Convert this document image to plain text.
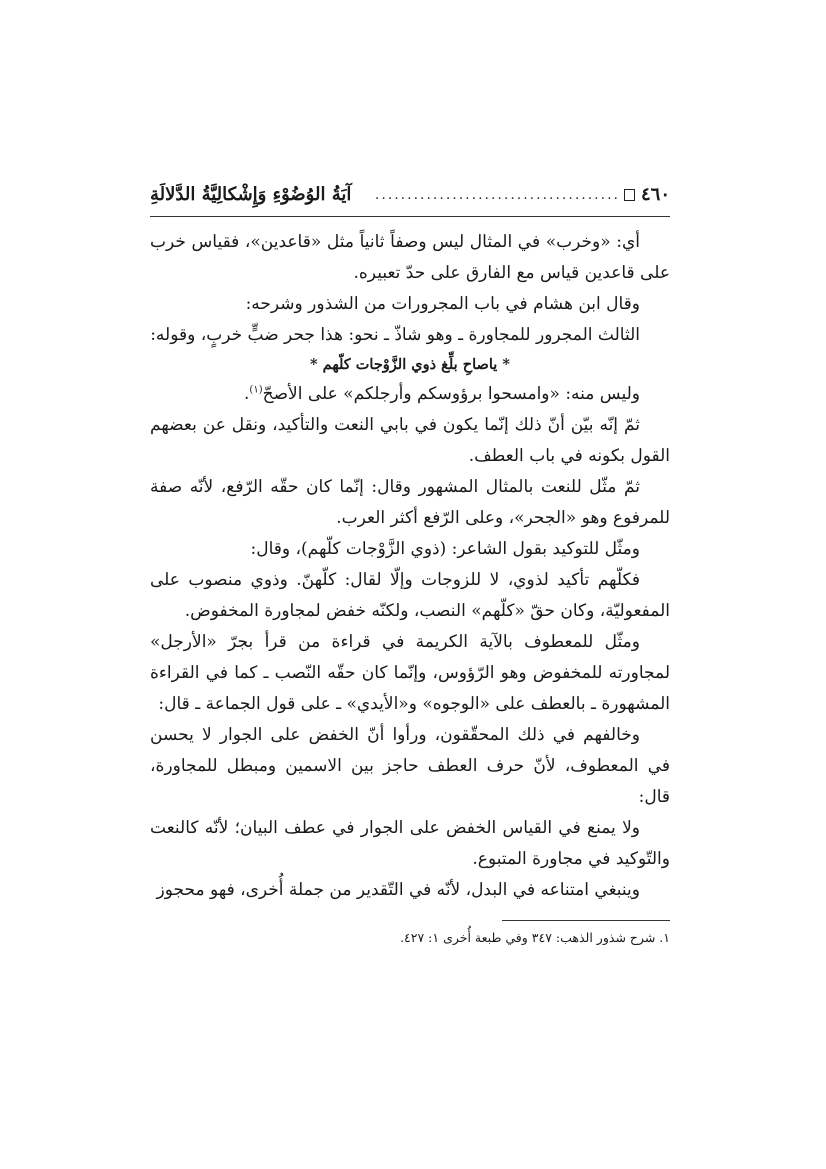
٤٦٠
......................................
آيَةُ الوُضُوْءِ وَإِشْكالِيَّةُ الدَّلالَةِ

أي: «وخرب» في المثال ليس وصفاً ثانياً مثل «قاعدين»، فقياس خرب على قاعدين قياس مع الفارق على حدّ تعبيره.

وقال ابن هشام في باب المجرورات من الشذور وشرحه:

الثالث المجرور للمجاورة ـ وهو شاذّ ـ نحو: هذا جحر ضبٍّ خربٍ، وقوله:

* ياصاحِ بلِّغ ذوي الزَّوْجات كلّهم *

وليس منه: «وامسحوا برؤوسكم وأرجلكم» على الأصحّ$^{(١)}$.

ثمّ إنّه بيّن أنّ ذلك إنّما يكون في بابي النعت والتأكيد، ونقل عن بعضهم القول بكونه في باب العطف.

ثمّ مثّل للنعت بالمثال المشهور وقال: إنّما كان حقّه الرّفع، لأنّه صفة للمرفوع وهو «الجحر»، وعلى الرّفع أكثر العرب.

ومثّل للتوكيد بقول الشاعر: (ذوي الزَّوْجات كلّهم)، وقال:

فكلّهم تأكيد لذوي، لا للزوجات وإلّا لقال: كلّهنّ. وذوي منصوب على المفعوليّة، وكان حقّ «كلّهم» النصب، ولكنّه خفض لمجاورة المخفوض.

ومثّل للمعطوف بالآية الكريمة في قراءة من قرأ بجرّ «الأرجل» لمجاورته للمخفوض وهو الرّؤوس، وإنّما كان حقّه النّصب ـ كما في القراءة المشهورة ـ بالعطف على «الوجوه» و«الأيدي» ـ على قول الجماعة ـ قال:

وخالفهم في ذلك المحقّقون، ورأوا أنّ الخفض على الجوار لا يحسن في المعطوف، لأنّ حرف العطف حاجز بين الاسمين ومبطل للمجاورة، قال:

ولا يمنع في القياس الخفض على الجوار في عطف البيان؛ لأنّه كالنعت والتّوكيد في مجاورة المتبوع.

وينبغي امتناعه في البدل، لأنّه في التّقدير من جملة أُخرى، فهو محجوز

١. شرح شذور الذهب: ٣٤٧ وفي طبعة أُخرى ١: ٤٢٧.
